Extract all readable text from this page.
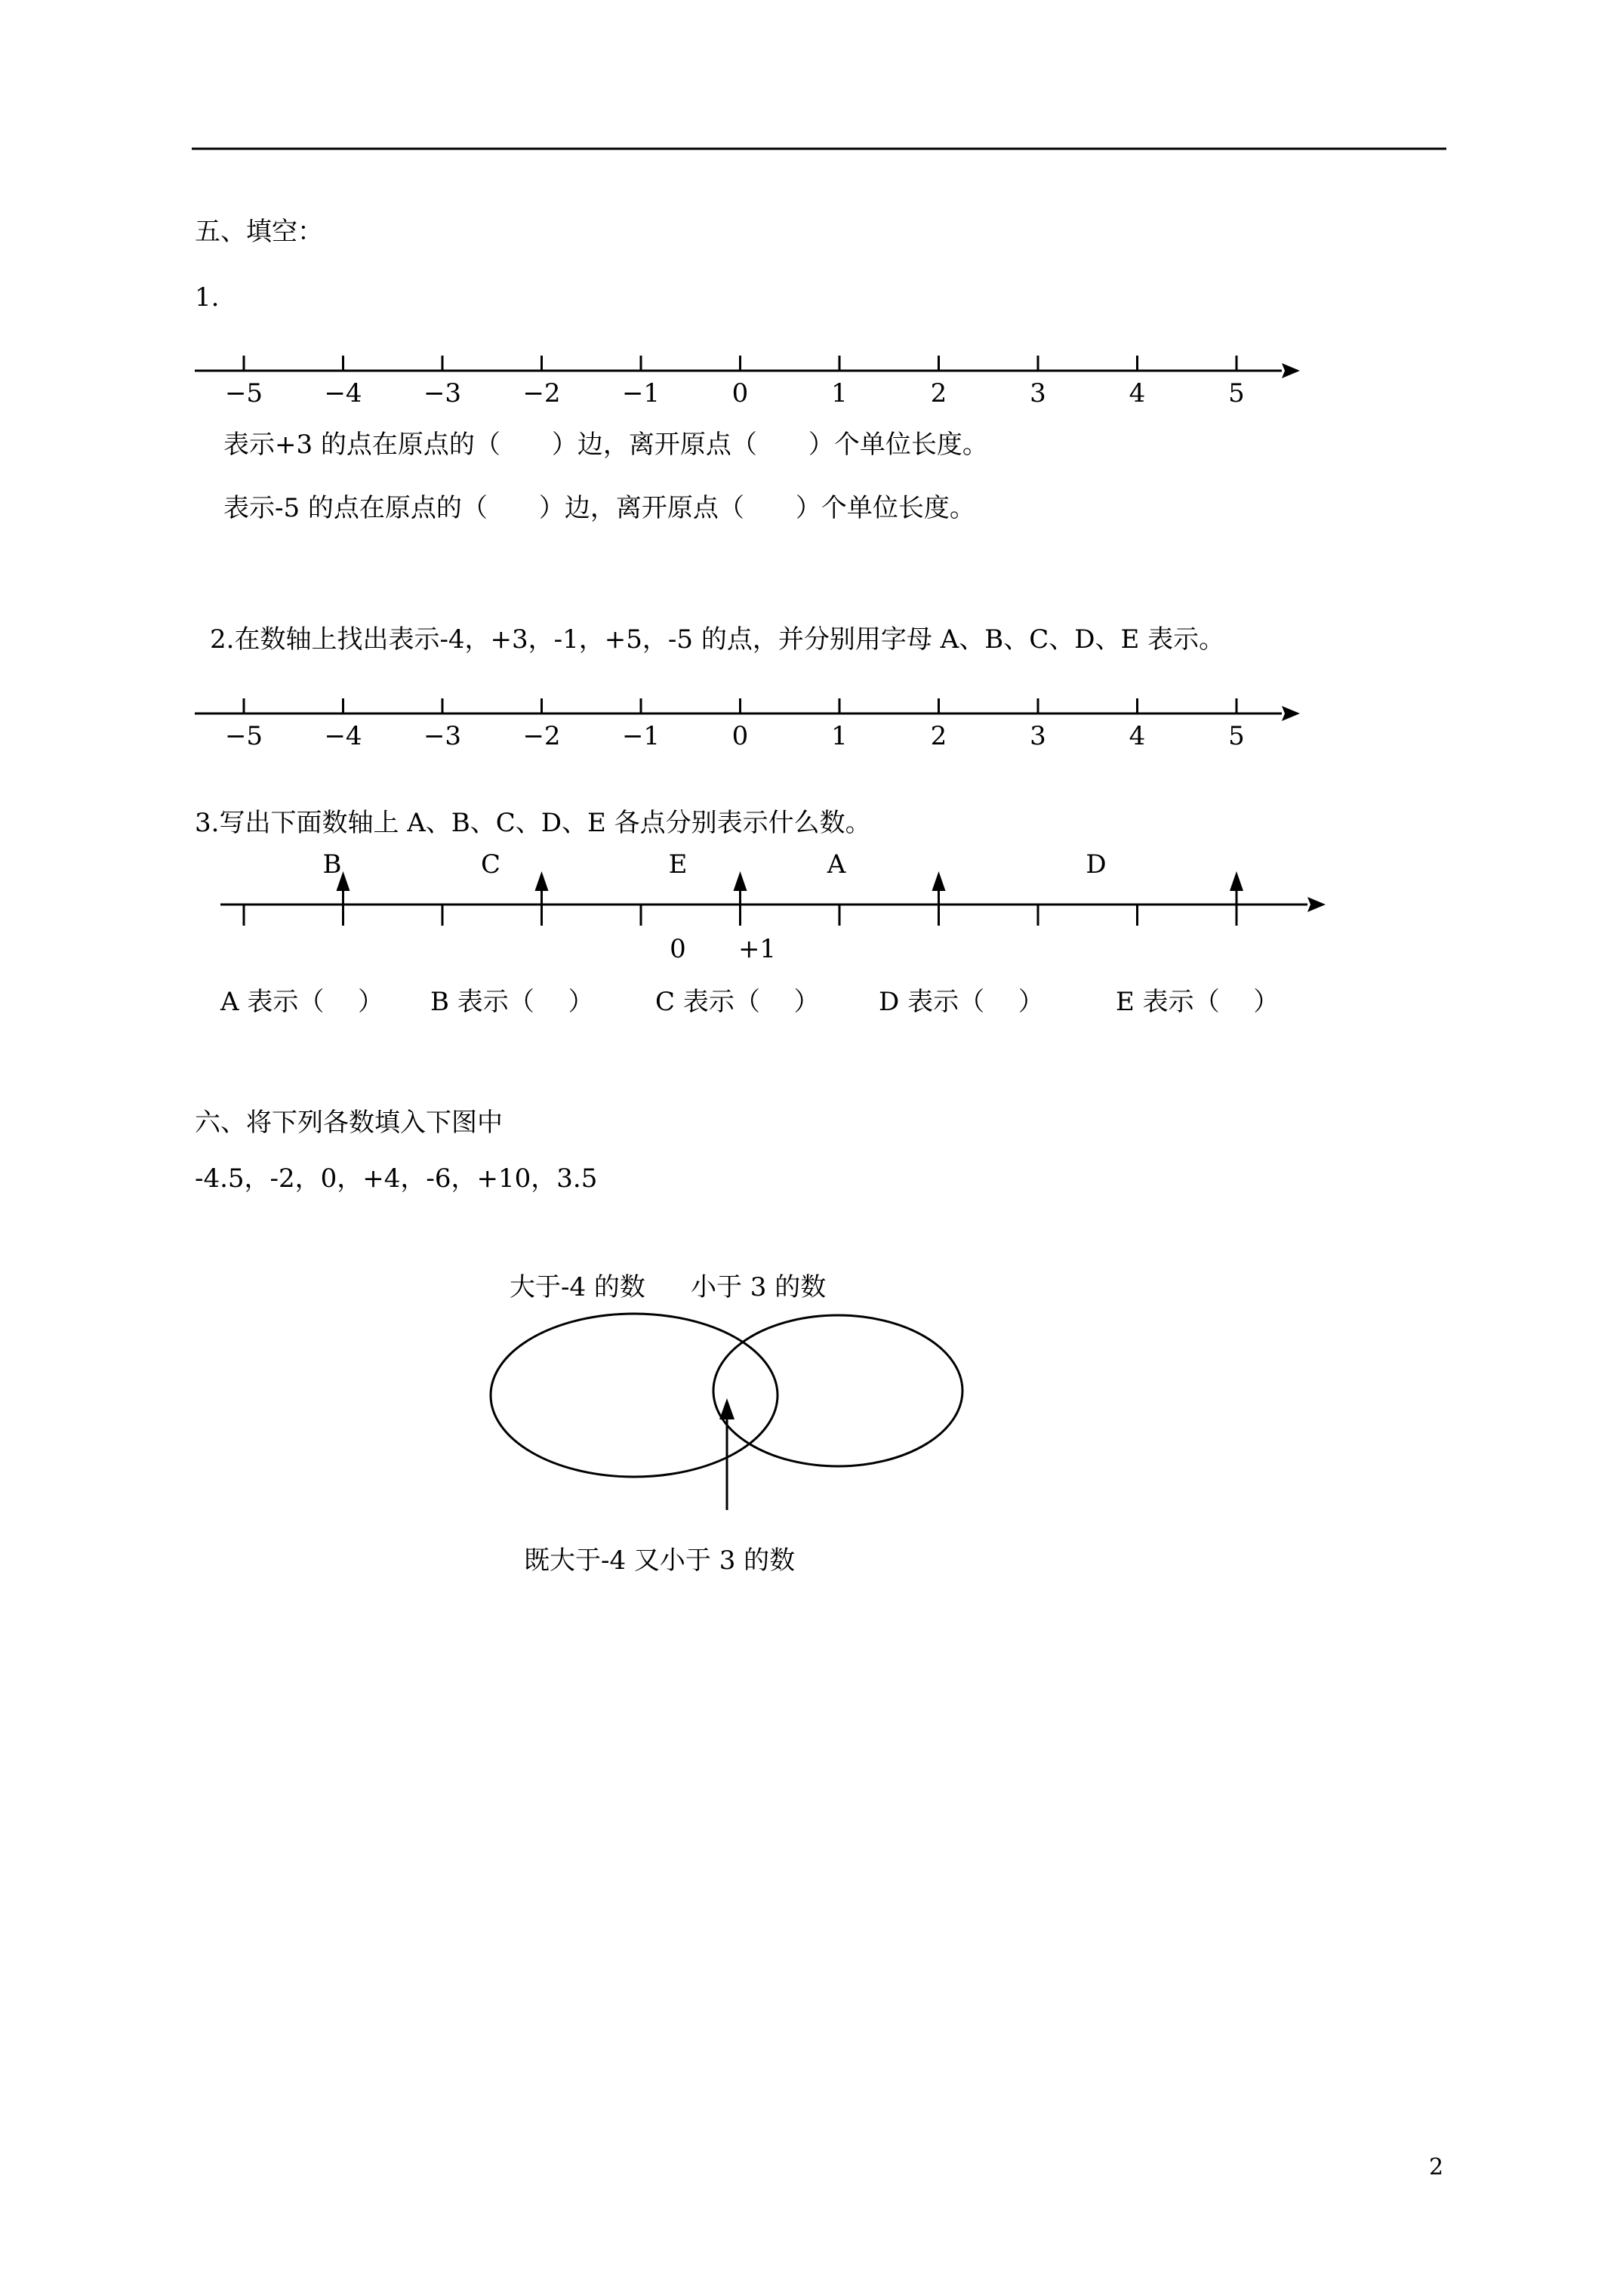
五、填空：
1.
−5 −4 −3 −2 −1	0	1	2	3	4	5
表示+3 的点在原点的（　　）边，离开原点（　　）个单位长度。
表示-5 的点在原点的（　　）边，离开原点（　　）个单位长度。
2.在数轴上找出表示-4，+3，-1，+5，-5 的点，并分别用字母 A、B、C、D、E 表示。
−5 −4 −3 −2 −1	0	1	2	3	4	5
3.写出下面数轴上 A、B、C、D、E 各点分别表示什么数。
B	C	E	A	D
0 +1
A 表示（　 ） B 表示（　 ） C 表示（　 ） D 表示（　 ）	E 表示（　 ）
六、将下列各数填入下图中
-4.5，-2，0，+4，-6，+10，3.5
大于-4 的数 小于 3 的数
既大于-4 又小于 3 的数
2
